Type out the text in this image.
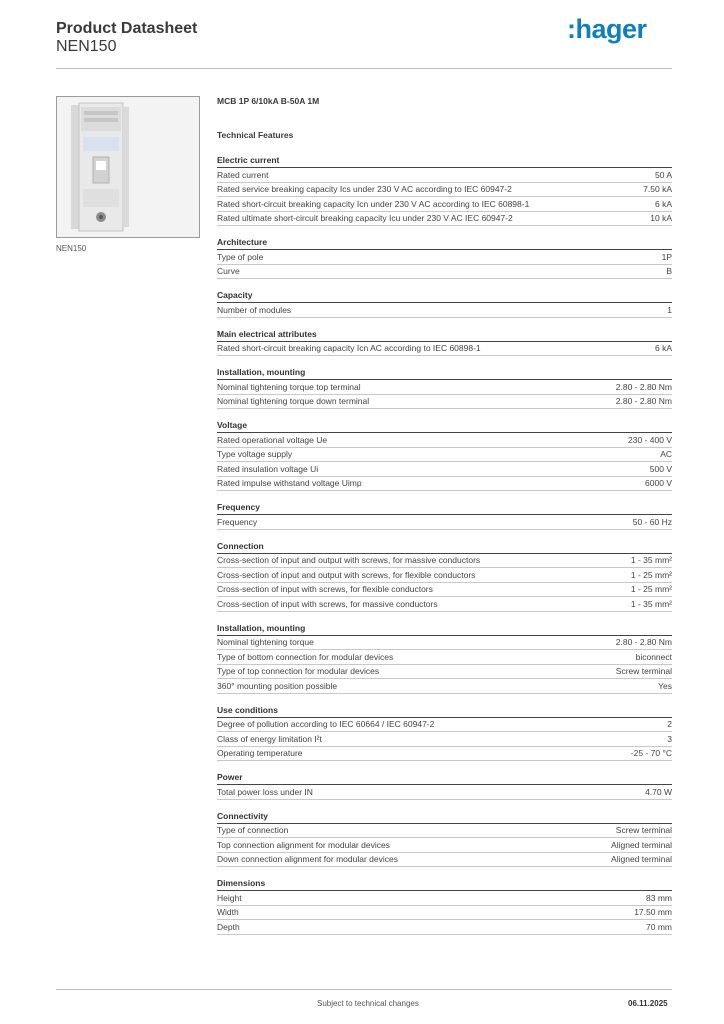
Product Datasheet
NEN150
:hager
NEN150
MCB 1P 6/10kA B-50A 1M
Technical Features
Electric current
Rated current	50 A
Rated service breaking capacity Ics under 230 V AC according to IEC 60947-2	7.50 kA
Rated short-circuit breaking capacity Icn under 230 V AC according to IEC 60898-1	6 kA
Rated ultimate short-circuit breaking capacity Icu under 230 V AC IEC 60947-2	10 kA
Architecture
Type of pole	1P
Curve	B
Capacity
Number of modules	1
Main electrical attributes
Rated short-circuit breaking capacity Icn AC according to IEC 60898-1	6 kA
Installation, mounting
Nominal tightening torque top terminal	2.80 - 2.80 Nm
Nominal tightening torque down terminal	2.80 - 2.80 Nm
Voltage
Rated operational voltage Ue	230 - 400 V
Type voltage supply	AC
Rated insulation voltage Ui	500 V
Rated impulse withstand voltage Uimp	6000 V
Frequency
Frequency	50 - 60 Hz
Connection
Cross-section of input and output with screws, for massive conductors	1 - 35 mm²
Cross-section of input and output with screws, for flexible conductors	1 - 25 mm²
Cross-section of input with screws, for flexible conductors	1 - 25 mm²
Cross-section of input with screws, for massive conductors	1 - 35 mm²
Installation, mounting
Nominal tightening torque	2.80 - 2.80 Nm
Type of bottom connection for modular devices	biconnect
Type of top connection for modular devices	Screw terminal
360° mounting position possible	Yes
Use conditions
Degree of pollution according to IEC 60664 / IEC 60947-2	2
Class of energy limitation I²t	3
Operating temperature	-25 - 70 °C
Power
Total power loss under IN	4.70 W
Connectivity
Type of connection	Screw terminal
Top connection alignment for modular devices	Aligned terminal
Down connection alignment for modular devices	Aligned terminal
Dimensions
Height	83 mm
Width	17.50 mm
Depth	70 mm
Subject to technical changes	06.11.2025
